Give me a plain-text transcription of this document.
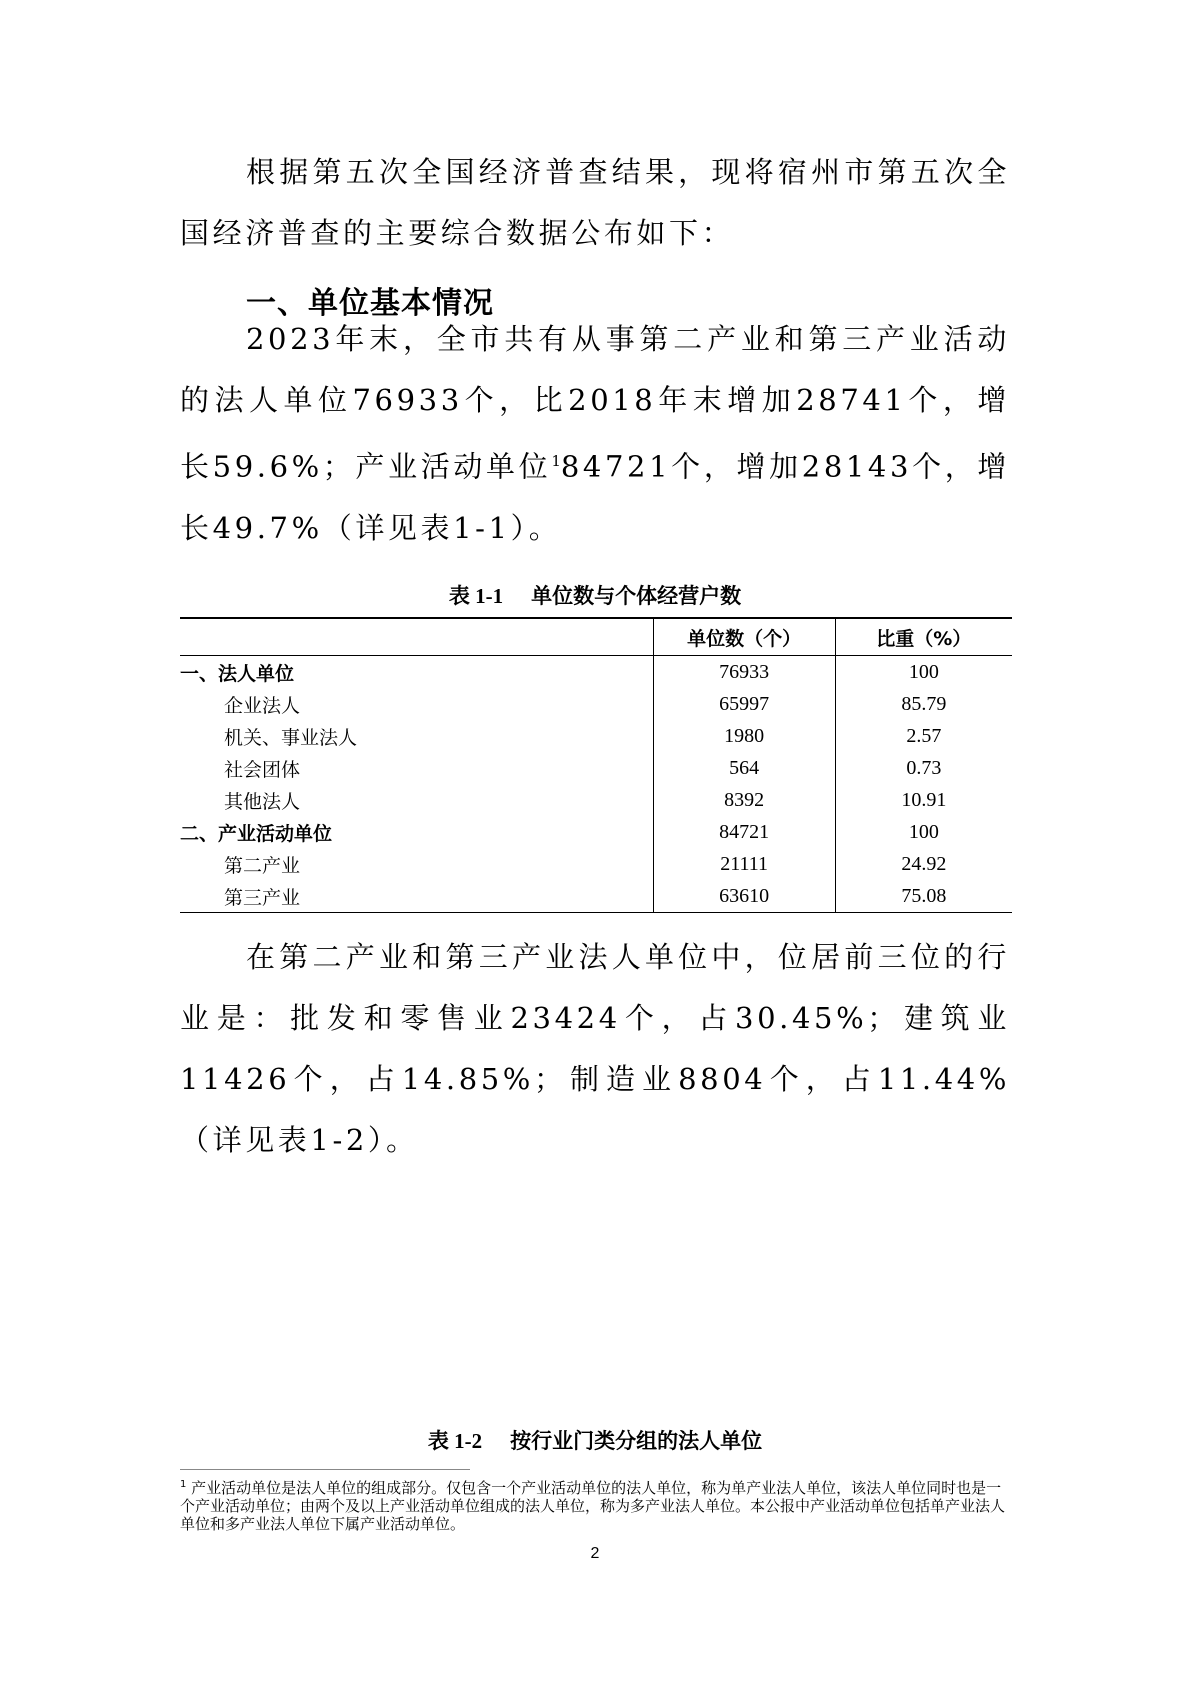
根据第五次全国经济普查结果，现将宿州市第五次全国经济普查的主要综合数据公布如下：

一、单位基本情况

2023年末，全市共有从事第二产业和第三产业活动的法人单位76933个，比2018年末增加28741个，增长59.6%；产业活动单位$^1$84721个，增加28143个，增长49.7%（详见表1-1）。

表 1-1 单位数与个体经营户数

	单位数（个）	比重（%）
一、法人单位	76933	100
企业法人	65997	85.79
机关、事业法人	1980	2.57
社会团体	564	0.73
其他法人	8392	10.91
二、产业活动单位	84721	100
第二产业	21111	24.92
第三产业	63610	75.08

在第二产业和第三产业法人单位中，位居前三位的行业是：批发和零售业23424个，占30.45%；建筑业11426个，占14.85%；制造业8804个，占11.44%（详见表1-2）。

表 1-2 按行业门类分组的法人单位

$^1$ 产业活动单位是法人单位的组成部分。仅包含一个产业活动单位的法人单位，称为单产业法人单位，该法人单位同时也是一个产业活动单位；由两个及以上产业活动单位组成的法人单位，称为多产业法人单位。本公报中产业活动单位包括单产业法人单位和多产业法人单位下属产业活动单位。

2
